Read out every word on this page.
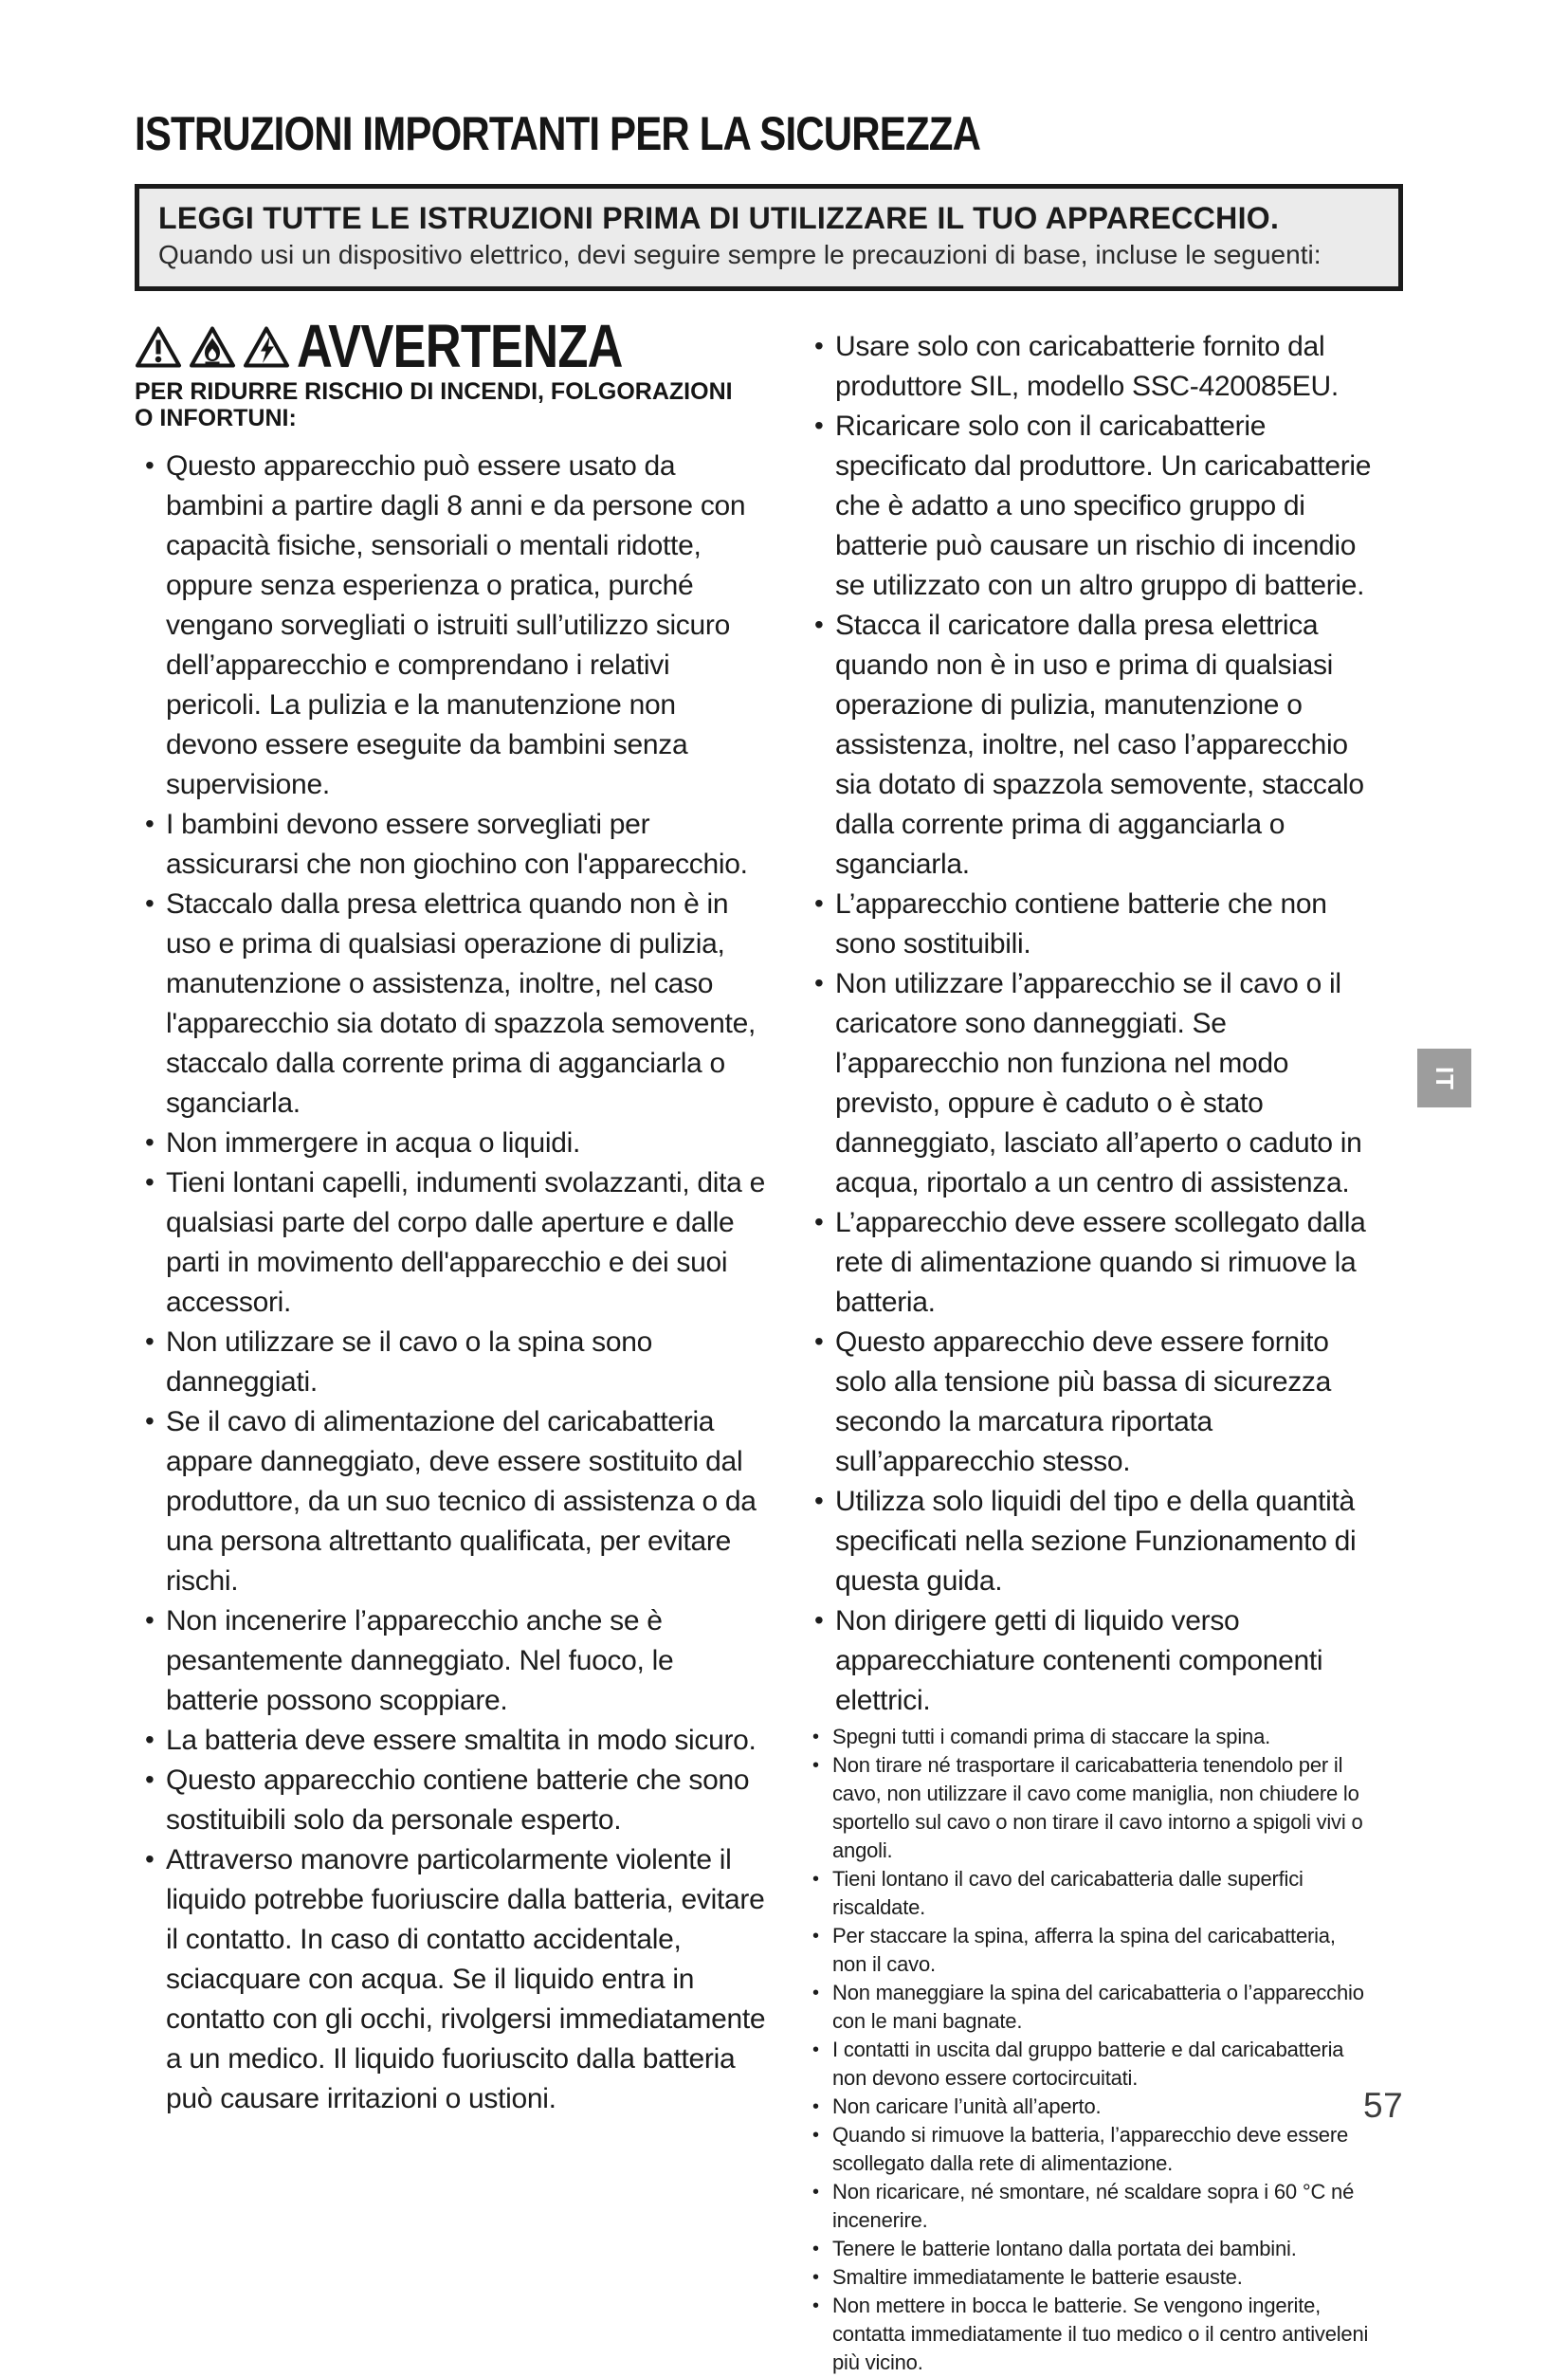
ISTRUZIONI IMPORTANTI PER LA SICUREZZA
LEGGI TUTTE LE ISTRUZIONI PRIMA DI UTILIZZARE IL TUO APPARECCHIO.
Quando usi un dispositivo elettrico, devi seguire sempre le precauzioni di base, incluse le seguenti:
AVVERTENZA
PER RIDURRE RISCHIO DI INCENDI, FOLGORAZIONI O INFORTUNI:
• Questo apparecchio può essere usato da bambini a partire dagli 8 anni e da persone con capacità fisiche, sensoriali o mentali ridotte, oppure senza esperienza o pratica, purché vengano sorvegliati o istruiti sull’utilizzo sicuro dell’apparecchio e comprendano i relativi pericoli. La pulizia e la manutenzione non devono essere eseguite da bambini senza supervisione.
• I bambini devono essere sorvegliati per assicurarsi che non giochino con l'apparecchio.
• Staccalo dalla presa elettrica quando non è in uso e prima di qualsiasi operazione di pulizia, manutenzione o assistenza, inoltre, nel caso l'apparecchio sia dotato di spazzola semovente, staccalo dalla corrente prima di agganciarla o sganciarla.
• Non immergere in acqua o liquidi.
• Tieni lontani capelli, indumenti svolazzanti, dita e qualsiasi parte del corpo dalle aperture e dalle parti in movimento dell'apparecchio e dei suoi accessori.
• Non utilizzare se il cavo o la spina sono danneggiati.
• Se il cavo di alimentazione del caricabatteria appare danneggiato, deve essere sostituito dal produttore, da un suo tecnico di assistenza o da una persona altrettanto qualificata, per evitare rischi.
• Non incenerire l’apparecchio anche se è pesantemente danneggiato. Nel fuoco, le batterie possono scoppiare.
• La batteria deve essere smaltita in modo sicuro.
• Questo apparecchio contiene batterie che sono sostituibili solo da personale esperto.
• Attraverso manovre particolarmente violente il liquido potrebbe fuoriuscire dalla batteria, evitare il contatto. In caso di contatto accidentale, sciacquare con acqua. Se il liquido entra in contatto con gli occhi, rivolgersi immediatamente a un medico. Il liquido fuoriuscito dalla batteria può causare irritazioni o ustioni.
• Usare solo con caricabatterie fornito dal produttore SIL, modello SSC-420085EU.
• Ricaricare solo con il caricabatterie specificato dal produttore. Un caricabatterie che è adatto a uno specifico gruppo di batterie può causare un rischio di incendio se utilizzato con un altro gruppo di batterie.
• Stacca il caricatore dalla presa elettrica quando non è in uso e prima di qualsiasi operazione di pulizia, manutenzione o assistenza, inoltre, nel caso l’apparecchio sia dotato di spazzola semovente, staccalo dalla corrente prima di agganciarla o sganciarla.
• L’apparecchio contiene batterie che non sono sostituibili.
• Non utilizzare l’apparecchio se il cavo o il caricatore sono danneggiati. Se l’apparecchio non funziona nel modo previsto, oppure è caduto o è stato danneggiato, lasciato all’aperto o caduto in acqua, riportalo a un centro di assistenza.
• L’apparecchio deve essere scollegato dalla rete di alimentazione quando si rimuove la batteria.
• Questo apparecchio deve essere fornito solo alla tensione più bassa di sicurezza secondo la marcatura riportata sull’apparecchio stesso.
• Utilizza solo liquidi del tipo e della quantità specificati nella sezione Funzionamento di questa guida.
• Non dirigere getti di liquido verso apparecchiature contenenti componenti elettrici.
• Spegni tutti i comandi prima di staccare la spina.
• Non tirare né trasportare il caricabatteria tenendolo per il cavo, non utilizzare il cavo come maniglia, non chiudere lo sportello sul cavo o non tirare il cavo intorno a spigoli vivi o angoli.
• Tieni lontano il cavo del caricabatteria dalle superfici riscaldate.
• Per staccare la spina, afferra la spina del caricabatteria, non il cavo.
• Non maneggiare la spina del caricabatteria o l’apparecchio con le mani bagnate.
• I contatti in uscita dal gruppo batterie e dal caricabatteria non devono essere cortocircuitati.
• Non caricare l’unità all’aperto.
• Quando si rimuove la batteria, l’apparecchio deve essere scollegato dalla rete di alimentazione.
• Non ricaricare, né smontare, né scaldare sopra i 60 °C né incenerire.
• Tenere le batterie lontano dalla portata dei bambini.
• Smaltire immediatamente le batterie esauste.
• Non mettere in bocca le batterie. Se vengono ingerite, contatta immediatamente il tuo medico o il centro antiveleni più vicino.
IT
57
